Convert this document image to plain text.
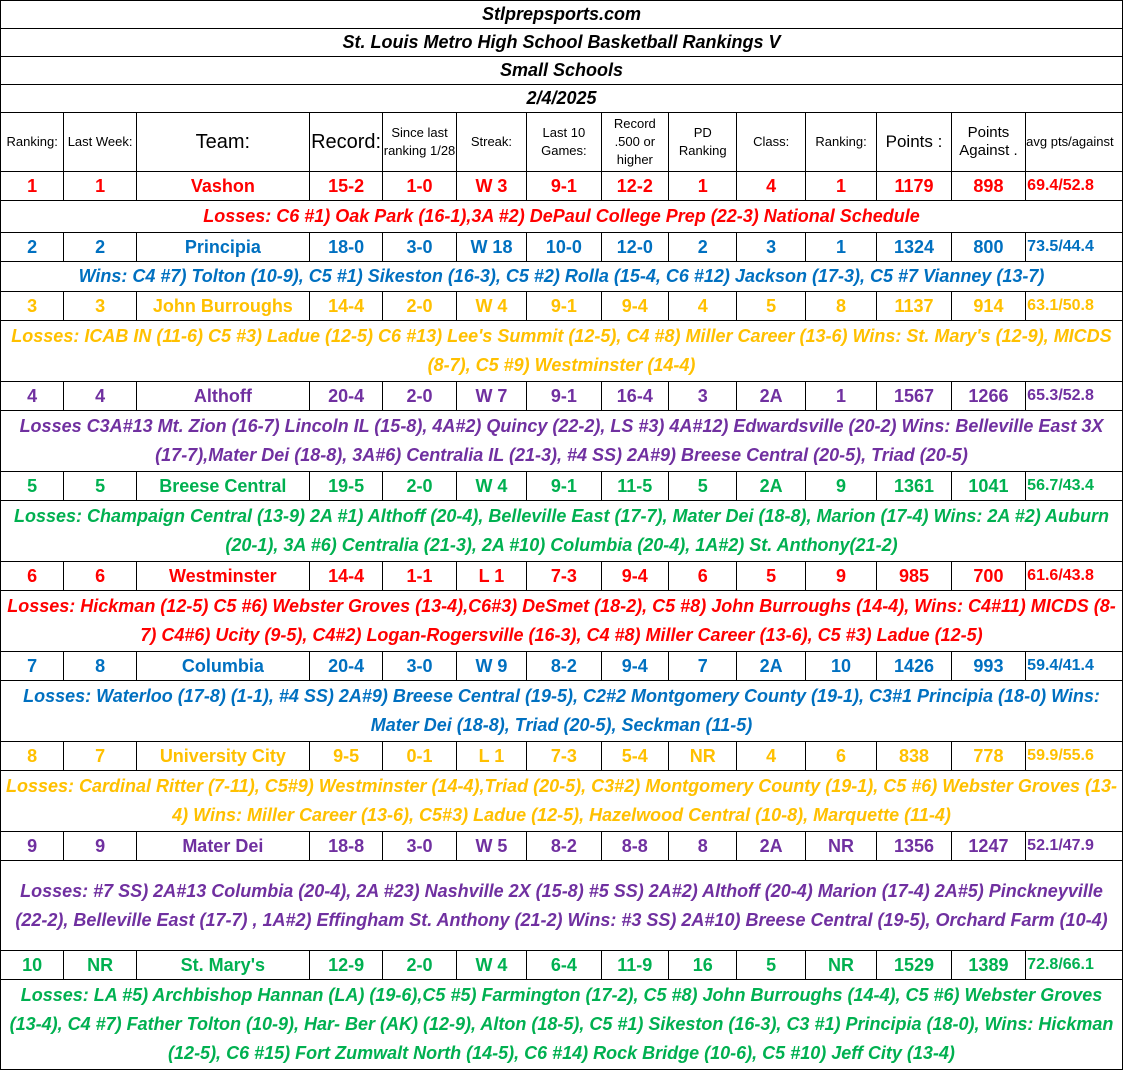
Stlprepsports.com													
St. Louis Metro High School Basketball Rankings V													
Small Schools													
2/4/2025													
Ranking:	Last Week:	Team:	Record:	Since last ranking 1/28	Streak:	Last 10 Games:	Record .500 or higher	PD Ranking	Class:	Ranking:	Points :	Points Against .	avg pts/against
1	1	Vashon	15-2	1-0	W 3	9-1	12-2	1	4	1	1179	898	69.4/52.8
Losses: C6 #1) Oak Park (16-1),3A #2) DePaul College Prep (22-3) National Schedule													
2	2	Principia	18-0	3-0	W 18	10-0	12-0	2	3	1	1324	800	73.5/44.4
Wins: C4 #7) Tolton (10-9), C5 #1) Sikeston (16-3), C5 #2) Rolla (15-4, C6 #12) Jackson (17-3), C5 #7 Vianney (13-7)													
3	3	John Burroughs	14-4	2-0	W 4	9-1	9-4	4	5	8	1137	914	63.1/50.8
Losses: ICAB IN (11-6) C5 #3) Ladue (12-5) C6 #13) Lee's Summit (12-5), C4 #8) Miller Career (13-6) Wins: St. Mary's (12-9), MICDS (8-7), C5 #9) Westminster (14-4)													
4	4	Althoff	20-4	2-0	W 7	9-1	16-4	3	2A	1	1567	1266	65.3/52.8
Losses C3A#13 Mt. Zion (16-7) Lincoln IL (15-8), 4A#2) Quincy (22-2), LS #3) 4A#12) Edwardsville (20-2) Wins: Belleville East 3X (17-7),Mater Dei (18-8), 3A#6) Centralia IL (21-3), #4 SS) 2A#9) Breese Central (20-5), Triad (20-5)													
5	5	Breese Central	19-5	2-0	W 4	9-1	11-5	5	2A	9	1361	1041	56.7/43.4
Losses: Champaign Central (13-9) 2A #1) Althoff (20-4), Belleville East (17-7), Mater Dei (18-8), Marion (17-4) Wins: 2A #2) Auburn (20-1), 3A #6) Centralia (21-3), 2A #10) Columbia (20-4), 1A#2) St. Anthony(21-2)													
6	6	Westminster	14-4	1-1	L 1	7-3	9-4	6	5	9	985	700	61.6/43.8
Losses: Hickman (12-5) C5 #6) Webster Groves (13-4),C6#3) DeSmet (18-2), C5 #8) John Burroughs (14-4), Wins: C4#11) MICDS (8-7) C4#6) Ucity (9-5), C4#2) Logan-Rogersville (16-3), C4 #8) Miller Career (13-6), C5 #3) Ladue (12-5)													
7	8	Columbia	20-4	3-0	W 9	8-2	9-4	7	2A	10	1426	993	59.4/41.4
Losses: Waterloo (17-8) (1-1), #4 SS) 2A#9) Breese Central (19-5), C2#2 Montgomery County (19-1), C3#1 Principia (18-0) Wins: Mater Dei (18-8), Triad (20-5), Seckman (11-5)													
8	7	University City	9-5	0-1	L 1	7-3	5-4	NR	4	6	838	778	59.9/55.6
Losses: Cardinal Ritter (7-11), C5#9) Westminster (14-4),Triad (20-5), C3#2) Montgomery County (19-1), C5 #6) Webster Groves (13-4) Wins: Miller Career (13-6), C5#3) Ladue (12-5), Hazelwood Central (10-8), Marquette (11-4)													
9	9	Mater Dei	18-8	3-0	W 5	8-2	8-8	8	2A	NR	1356	1247	52.1/47.9
Losses: #7 SS) 2A#13 Columbia (20-4), 2A #23) Nashville 2X (15-8) #5 SS) 2A#2) Althoff (20-4) Marion (17-4) 2A#5) Pinckneyville (22-2), Belleville East (17-7) , 1A#2) Effingham St. Anthony (21-2) Wins: #3 SS) 2A#10) Breese Central (19-5), Orchard Farm (10-4)													
10	NR	St. Mary's	12-9	2-0	W 4	6-4	11-9	16	5	NR	1529	1389	72.8/66.1
Losses: LA #5) Archbishop Hannan (LA) (19-6),C5 #5) Farmington (17-2), C5 #8) John Burroughs (14-4), C5 #6) Webster Groves (13-4), C4 #7) Father Tolton (10-9), Har- Ber (AK) (12-9), Alton (18-5), C5 #1) Sikeston (16-3), C3 #1) Principia (18-0), Wins: Hickman (12-5), C6 #15) Fort Zumwalt North (14-5), C6 #14) Rock Bridge (10-6), C5 #10) Jeff City (13-4)													
